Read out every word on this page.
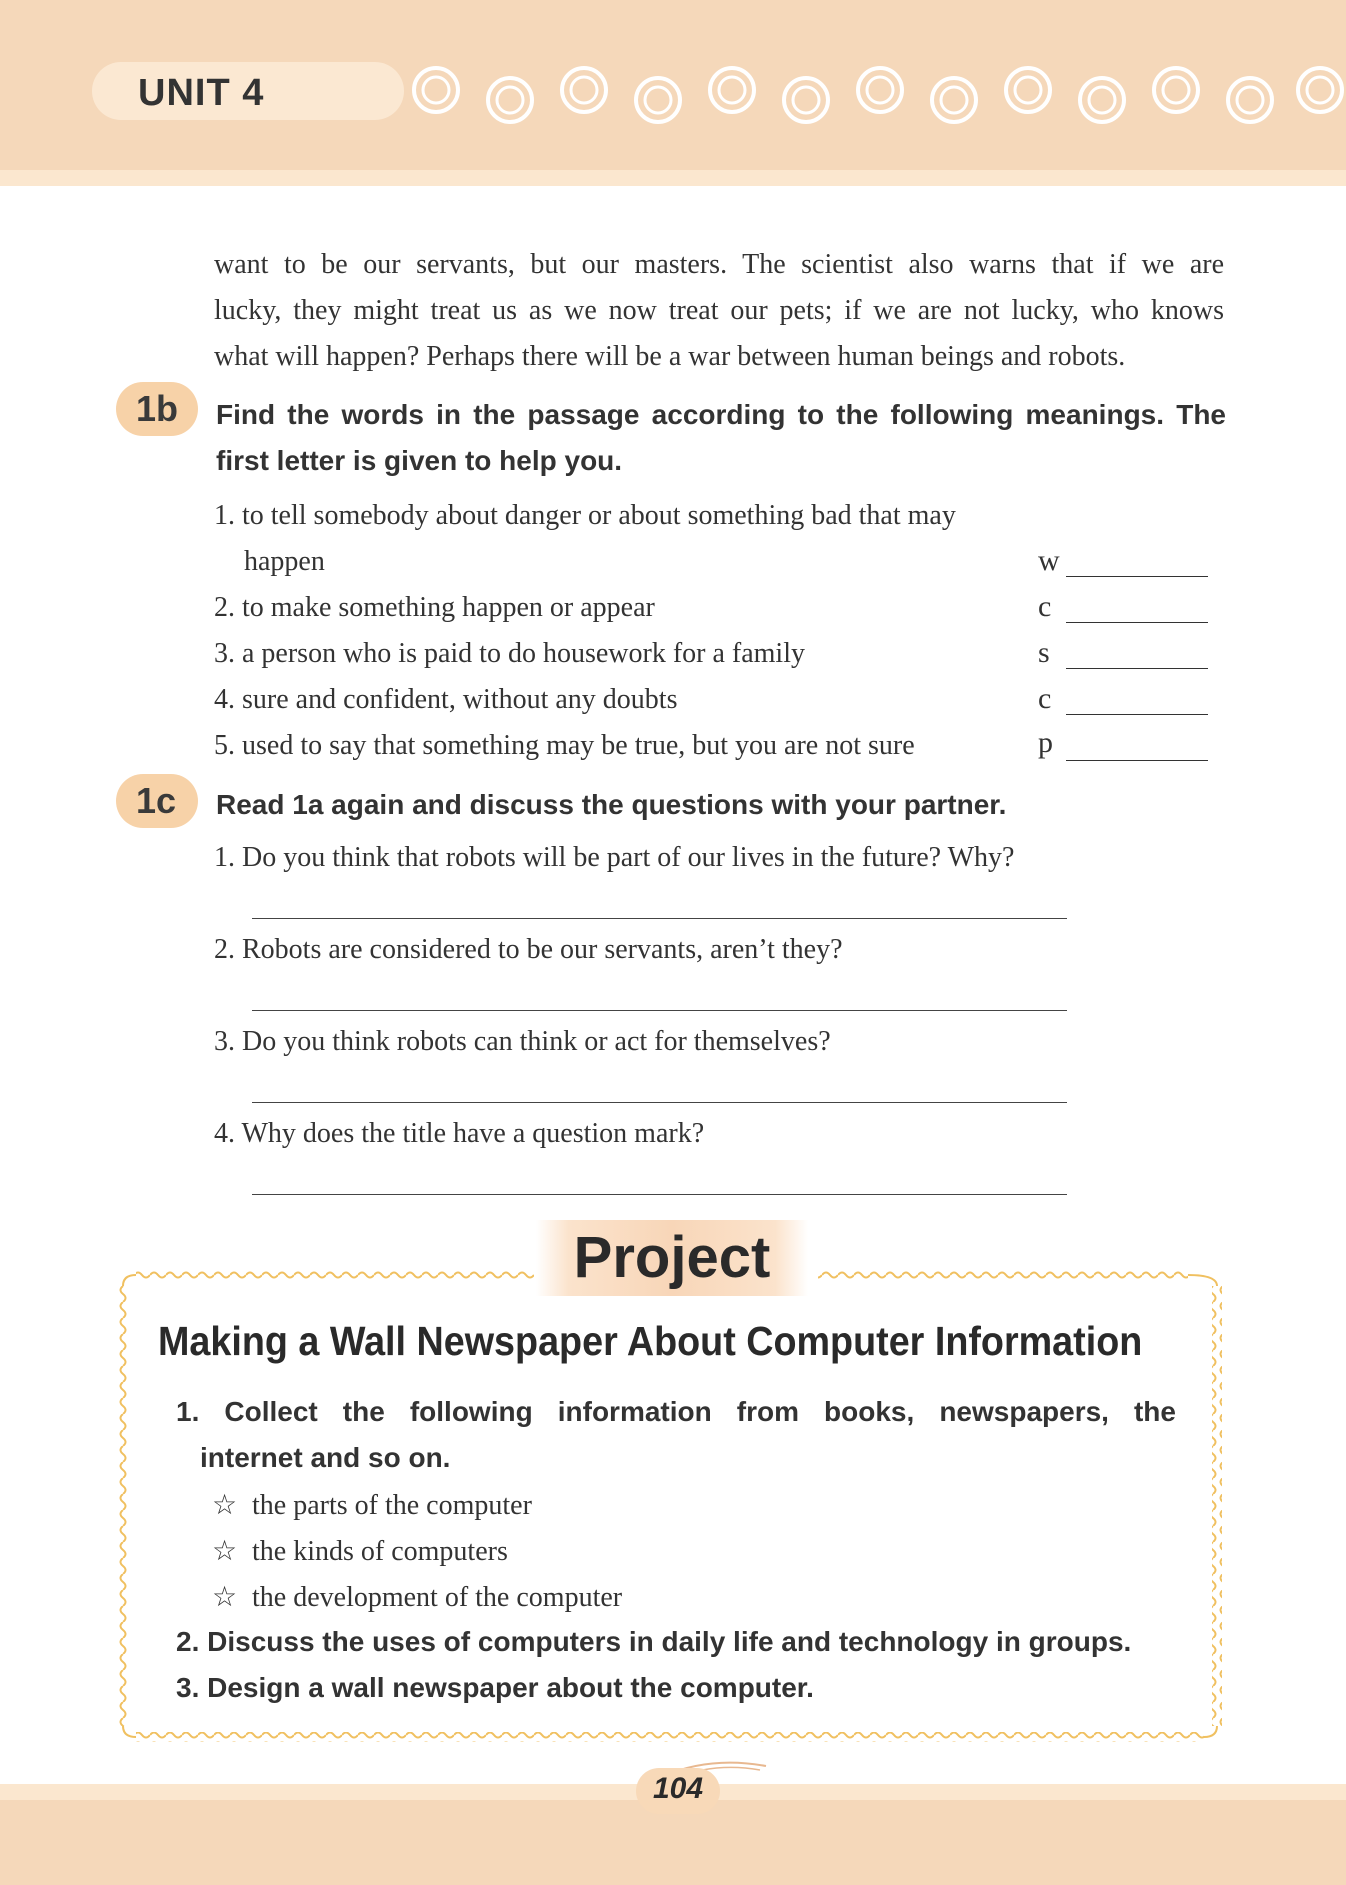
UNIT 4
want to be our servants, but our masters. The scientist also warns that if we are
lucky, they might treat us as we now treat our pets; if we are not lucky, who knows
what will happen? Perhaps there will be a war between human beings and robots.
1b Find the words in the passage according to the following meanings. The
first letter is given to help you.
1. to tell somebody about danger or about something bad that may
happen	w
2. to make something happen or appear	c
3. a person who is paid to do housework for a family	s
4. sure and confident, without any doubts	c
5. used to say that something may be true, but you are not sure	p
1c Read 1a again and discuss the questions with your partner.
1. Do you think that robots will be part of our lives in the future? Why?
2. Robots are considered to be our servants, aren’t they?
3. Do you think robots can think or act for themselves?
4. Why does the title have a question mark?
Project
Making a Wall Newspaper About Computer Information
1. Collect the following information from books, newspapers, the
internet and so on.
☆ the parts of the computer
☆ the kinds of computers
☆ the development of the computer
2. Discuss the uses of computers in daily life and technology in groups.
3. Design a wall newspaper about the computer.
104
